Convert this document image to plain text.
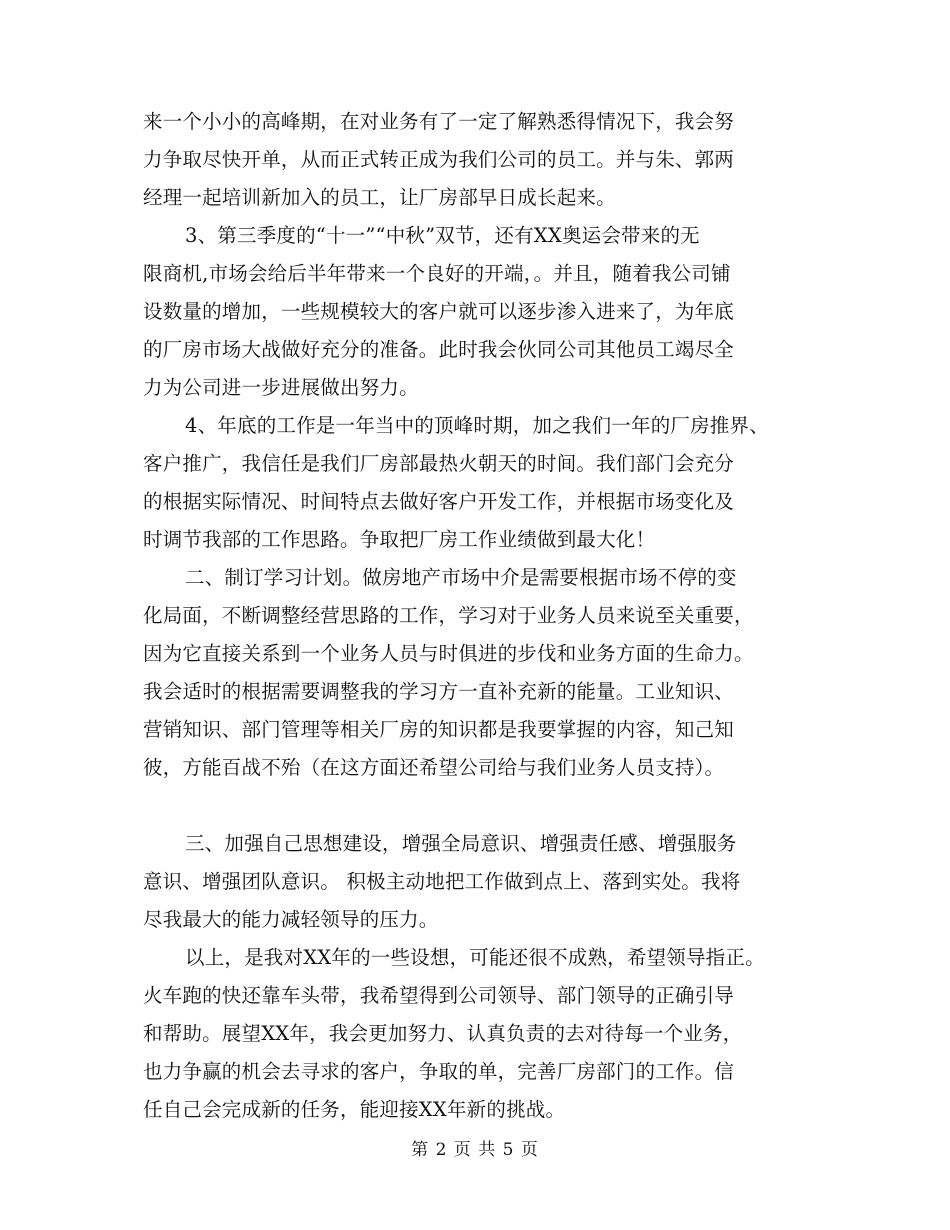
来一个小小的高峰期，在对业务有了一定了解熟悉得情况下，我会努
力争取尽快开单，从而正式转正成为我们公司的员工。并与朱、郭两
经理一起培训新加入的员工，让厂房部早日成长起来。
3、第三季度的“十一”“中秋”双节，还有XX奥运会带来的无
限商机,市场会给后半年带来一个良好的开端，。并且，随着我公司铺
设数量的增加，一些规模较大的客户就可以逐步渗入进来了，为年底
的厂房市场大战做好充分的准备。此时我会伙同公司其他员工竭尽全
力为公司进一步进展做出努力。
4、年底的工作是一年当中的顶峰时期，加之我们一年的厂房推界、
客户推广，我信任是我们厂房部最热火朝天的时间。我们部门会充分
的根据实际情况、时间特点去做好客户开发工作，并根据市场变化及
时调节我部的工作思路。争取把厂房工作业绩做到最大化！
二、制订学习计划。做房地产市场中介是需要根据市场不停的变
化局面，不断调整经营思路的工作，学习对于业务人员来说至关重要，
因为它直接关系到一个业务人员与时俱进的步伐和业务方面的生命力。
我会适时的根据需要调整我的学习方一直补充新的能量。工业知识、
营销知识、部门管理等相关厂房的知识都是我要掌握的内容，知己知
彼，方能百战不殆（在这方面还希望公司给与我们业务人员支持）。
三、加强自己思想建设，增强全局意识、增强责任感、增强服务
意识、增强团队意识。 积极主动地把工作做到点上、落到实处。我将
尽我最大的能力减轻领导的压力。
以上，是我对XX年的一些设想，可能还很不成熟，希望领导指正。
火车跑的快还靠车头带，我希望得到公司领导、部门领导的正确引导
和帮助。展望XX年，我会更加努力、认真负责的去对待每一个业务，
也力争赢的机会去寻求的客户，争取的单，完善厂房部门的工作。信
任自己会完成新的任务，能迎接XX年新的挑战。
第 2 页 共 5 页
